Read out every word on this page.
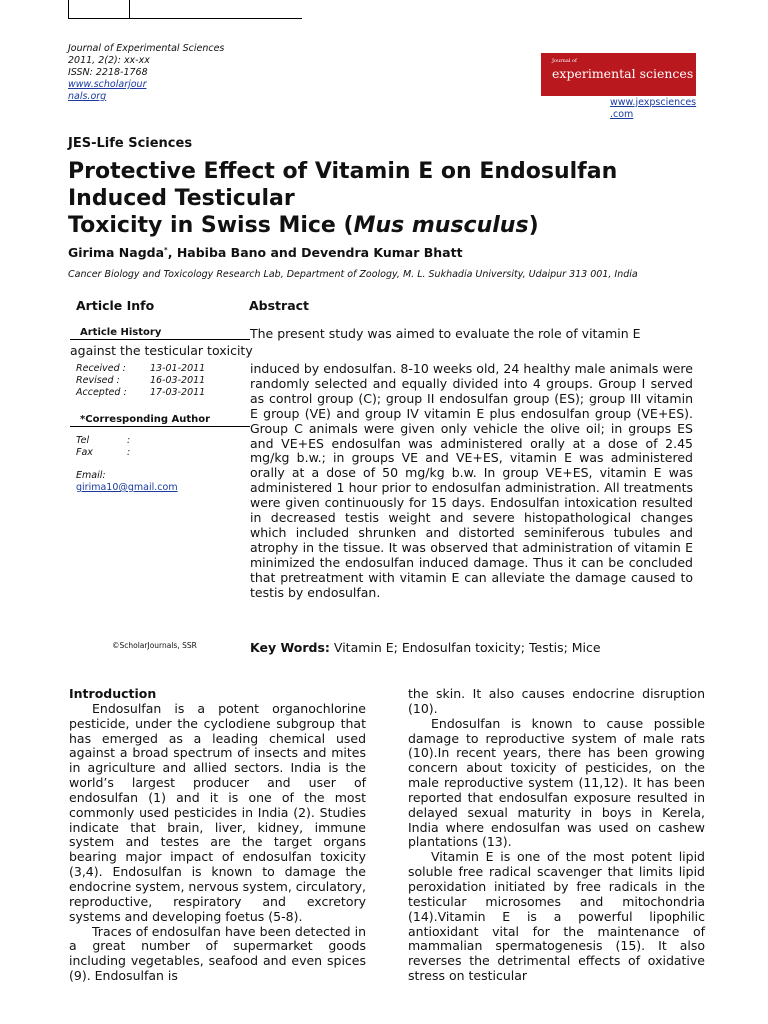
Journal of Experimental Sciences
2011, 2(2): xx-xx
ISSN: 2218-1768
www.scholarjour
nals.org
Journal of
experimental sciences
www.jexpsciences
.com
JES-Life Sciences
Protective Effect of Vitamin E on Endosulfan
Induced Testicular
Toxicity in Swiss Mice (Mus musculus)
Girima Nagda*, Habiba Bano and Devendra Kumar Bhatt
Cancer Biology and Toxicology Research Lab, Department of Zoology, M. L. Sukhadia University, Udaipur 313 001, India
Article Info	Abstract
Article History	The present study was aimed to evaluate the role of vitamin E
against the testicular toxicity
Received :	13-01-2011
Revised :	16-03-2011
Accepted :	17-03-2011
*Corresponding Author
Tel	:
Fax	:
Email:
girima10@gmail.com
induced by endosulfan. 8-10 weeks old, 24 healthy male animals were randomly selected and equally divided into 4 groups. Group I served as control group (C); group II endosulfan group (ES); group III vitamin E group (VE) and group IV vitamin E plus endosulfan group (VE+ES). Group C animals were given only vehicle the olive oil; in groups ES and VE+ES endosulfan was administered orally at a dose of 2.45 mg/kg b.w.; in groups VE and VE+ES, vitamin E was administered orally at a dose of 50 mg/kg b.w. In group VE+ES, vitamin E was administered 1 hour prior to endosulfan administration. All treatments were given continuously for 15 days. Endosulfan intoxication resulted in decreased testis weight and severe histopathological changes which included shrunken and distorted seminiferous tubules and atrophy in the tissue. It was observed that administration of vitamin E minimized the endosulfan induced damage. Thus it can be concluded that pretreatment with vitamin E can alleviate the damage caused to testis by endosulfan.
©ScholarJournals, SSR	Key Words: Vitamin E; Endosulfan toxicity; Testis; Mice
Introduction

Endosulfan is a potent organochlorine pesticide, under the cyclodiene subgroup that has emerged as a leading chemical used against a broad spectrum of insects and mites in agriculture and allied sectors. India is the world’s largest producer and user of endosulfan (1) and it is one of the most commonly used pesticides in India (2). Studies indicate that brain, liver, kidney, immune system and testes are the target organs bearing major impact of endosulfan toxicity (3,4). Endosulfan is known to damage the endocrine system, nervous system, circulatory, reproductive, respiratory and excretory systems and developing foetus (5-8).

Traces of endosulfan have been detected in a great number of supermarket goods including vegetables, seafood and even spices (9). Endosulfan is

the skin. It also causes endocrine disruption (10).

Endosulfan is known to cause possible damage to reproductive system of male rats (10).In recent years, there has been growing concern about toxicity of pesticides, on the male reproductive system (11,12). It has been reported that endosulfan exposure resulted in delayed sexual maturity in boys in Kerela, India where endosulfan was used on cashew plantations (13).

Vitamin E is one of the most potent lipid soluble free radical scavenger that limits lipid peroxidation initiated by free radicals in the testicular microsomes and mitochondria (14).Vitamin E is a powerful lipophilic antioxidant vital for the maintenance of mammalian spermatogenesis (15). It also reverses the detrimental effects of oxidative stress on testicular
